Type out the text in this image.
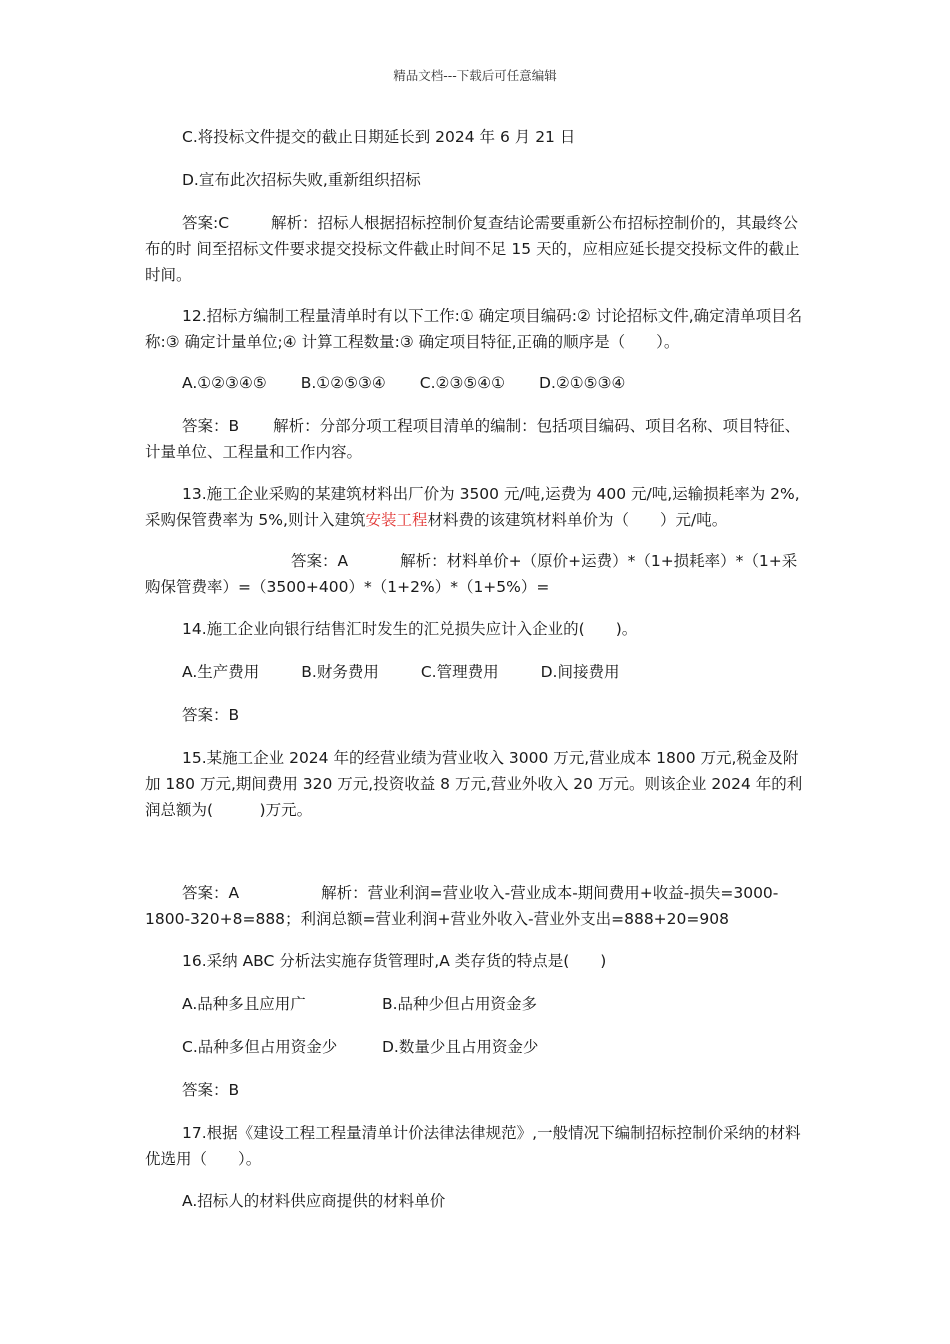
精品文档---下载后可任意编辑

C.将投标文件提交的截止日期延长到 2024 年 6 月 21 日

D.宣布此次招标失败,重新组织招标

答案:C	解析：招标人根据招标控制价复查结论需要重新公布招标控制价的，其最终公布的时 间至招标文件要求提交投标文件截止时间不足 15 天的，应相应延长提交投标文件的截止时间。

12.招标方编制工程量清单时有以下工作:① 确定项目编码:② 讨论招标文件,确定清单项目名称:③ 确定计量单位;④ 计算工程数量:③ 确定项目特征,正确的顺序是（　　）。

A.①②③④⑤ B.①②⑤③④ C.②③⑤④① D.②①⑤③④

答案：B 解析：分部分项工程项目清单的编制：包括项目编码、项目名称、项目特征、计量单位、工程量和工作内容。

13.施工企业采购的某建筑材料出厂价为 3500 元/吨,运费为 400 元/吨,运输损耗率为 2%,采购保管费率为 5%,则计入建筑安装工程材料费的该建筑材料单价为（　　）元/吨。

答案：A	解析：材料单价+（原价+运费）*（1+损耗率）*（1+采购保管费率）=（3500+400）*（1+2%）*（1+5%）=

14.施工企业向银行结售汇时发生的汇兑损失应计入企业的(　　)。

A.生产费用	B.财务费用	C.管理费用	D.间接费用

答案：B

15.某施工企业 2024 年的经营业绩为营业收入 3000 万元,营业成本 1800 万元,税金及附加 180 万元,期间费用 320 万元,投资收益 8 万元,营业外收入 20 万元。则该企业 2024 年的利润总额为(　　　)万元。

答案：A	解析：营业利润=营业收入-营业成本-期间费用+收益-损失=3000-1800-320+8=888；利润总额=营业利润+营业外收入-营业外支出=888+20=908

16.采纳 ABC 分析法实施存货管理时,A 类存货的特点是(　　)

A.品种多且应用广	B.品种少但占用资金多

C.品种多但占用资金少	D.数量少且占用资金少

答案：B

17.根据《建设工程工程量清单计价法律法律规范》,一般情况下编制招标控制价采纳的材料优选用（　　）。

A.招标人的材料供应商提供的材料单价
